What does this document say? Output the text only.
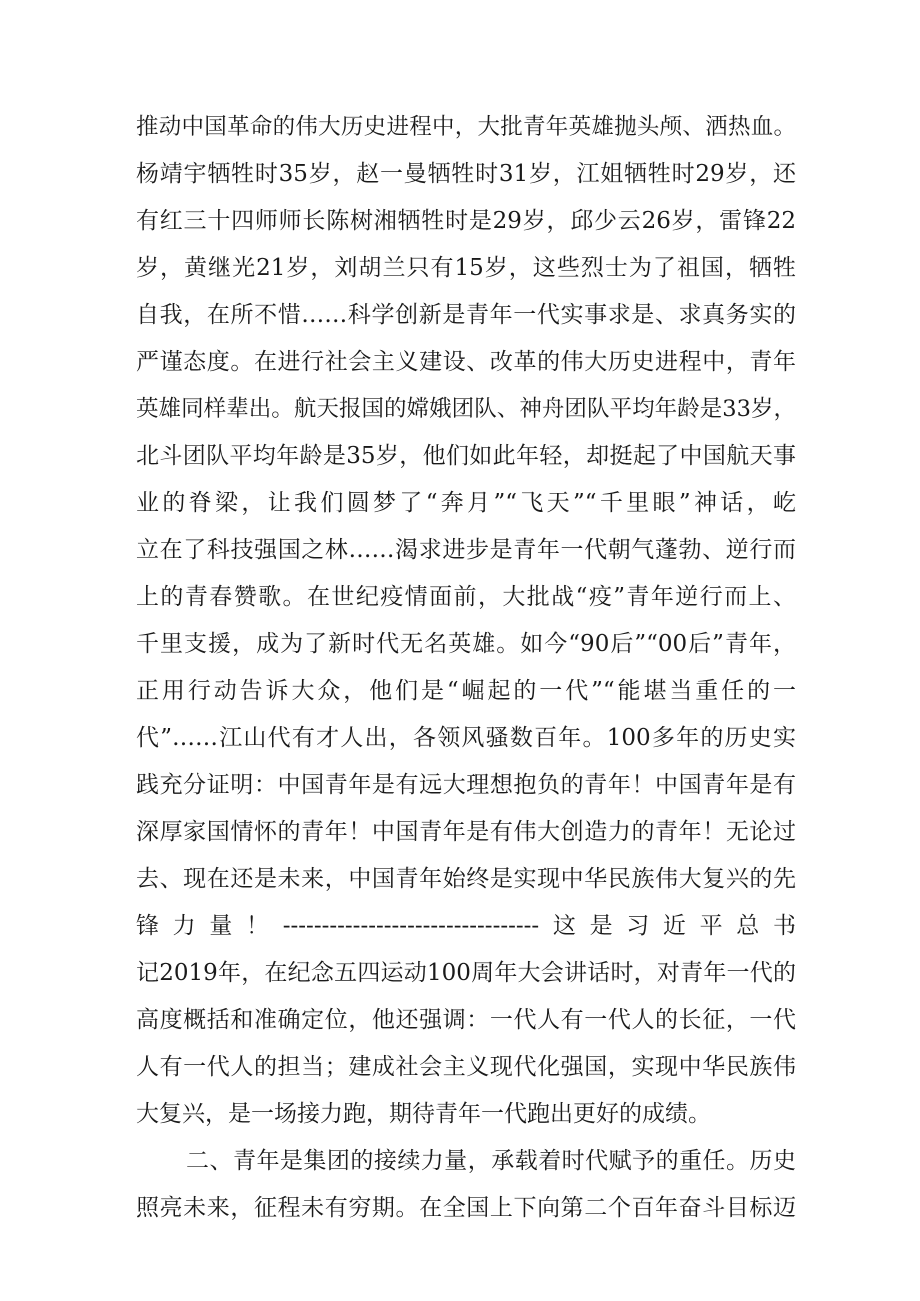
推动中国革命的伟大历史进程中，大批青年英雄抛头颅、洒热血。
杨靖宇牺牲时35岁，赵一曼牺牲时31岁，江姐牺牲时29岁，还
有红三十四师师长陈树湘牺牲时是29岁，邱少云26岁，雷锋22
岁，黄继光21岁，刘胡兰只有15岁，这些烈士为了祖国，牺牲
自我，在所不惜……科学创新是青年一代实事求是、求真务实的
严谨态度。在进行社会主义建设、改革的伟大历史进程中，青年
英雄同样辈出。航天报国的嫦娥团队、神舟团队平均年龄是33岁，
北斗团队平均年龄是35岁，他们如此年轻，却挺起了中国航天事
业的脊梁，让我们圆梦了“奔月”“飞天”“千里眼”神话，屹
立在了科技强国之林……渴求进步是青年一代朝气蓬勃、逆行而
上的青春赞歌。在世纪疫情面前，大批战“疫”青年逆行而上、
千里支援，成为了新时代无名英雄。如今“90后”“00后”青年，
正用行动告诉大众，他们是“崛起的一代”“能堪当重任的一
代”……江山代有才人出，各领风骚数百年。100多年的历史实
践充分证明：中国青年是有远大理想抱负的青年！中国青年是有
深厚家国情怀的青年！中国青年是有伟大创造力的青年！无论过
去、现在还是未来，中国青年始终是实现中华民族伟大复兴的先
锋力量！---------------------------------这是习近平总书
记2019年，在纪念五四运动100周年大会讲话时，对青年一代的
高度概括和准确定位，他还强调：一代人有一代人的长征，一代
人有一代人的担当；建成社会主义现代化强国，实现中华民族伟
大复兴，是一场接力跑，期待青年一代跑出更好的成绩。
二、青年是集团的接续力量，承载着时代赋予的重任。历史
照亮未来，征程未有穷期。在全国上下向第二个百年奋斗目标迈
